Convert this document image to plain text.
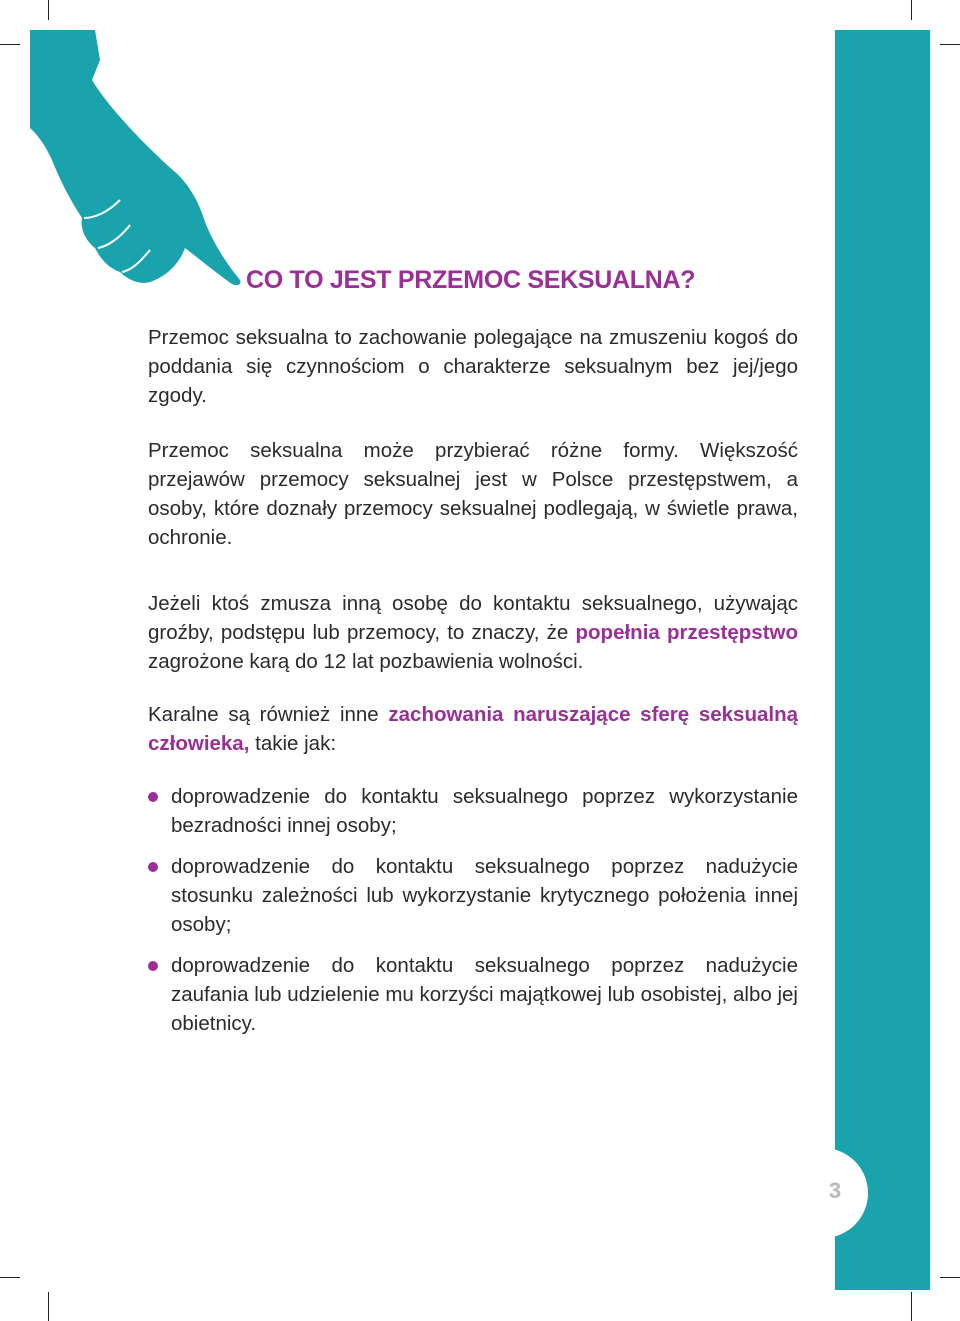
3
CO TO JEST PRZEMOC SEKSUALNA?

Przemoc seksualna to zachowanie polegające na zmuszeniu kogoś do poddania się czynnościom o charakterze seksualnym bez jej/jego zgody.

Przemoc seksualna może przybierać różne formy. Większość przejawów przemocy seksualnej jest w Polsce przestępstwem, a osoby, które doznały przemocy seksualnej podlegają, w świetle prawa, ochronie.

Jeżeli ktoś zmusza inną osobę do kontaktu seksualnego, używając groźby, podstępu lub przemocy, to znaczy, że popełnia przestępstwo zagrożone karą do 12 lat pozbawienia wolności.

Karalne są również inne zachowania naruszające sferę seksualną człowieka, takie jak:

doprowadzenie do kontaktu seksualnego poprzez wykorzystanie bezradności innej osoby;
doprowadzenie do kontaktu seksualnego poprzez nadużycie stosunku zależności lub wykorzystanie krytycznego położenia innej osoby;
doprowadzenie do kontaktu seksualnego poprzez nadużycie zaufania lub udzielenie mu korzyści majątkowej lub osobistej, albo jej obietnicy.
